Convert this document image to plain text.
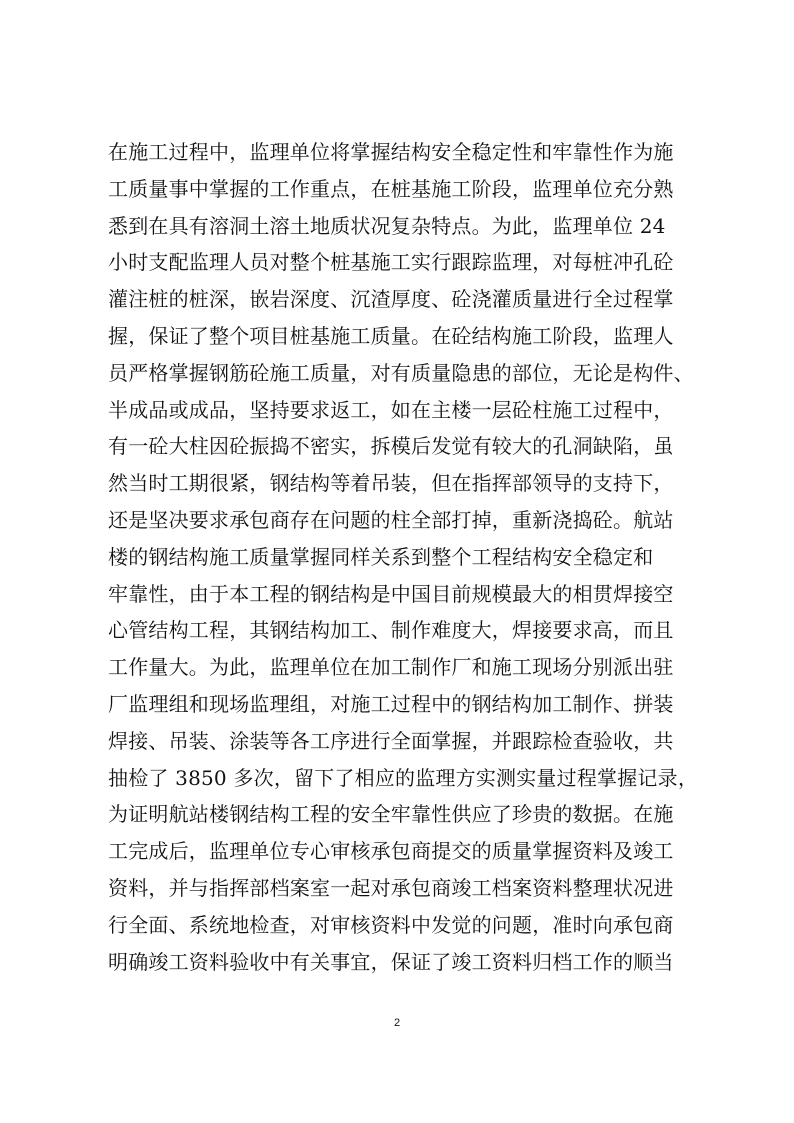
在施工过程中，监理单位将掌握结构安全稳定性和牢靠性作为施
工质量事中掌握的工作重点，在桩基施工阶段，监理单位充分熟
悉到在具有溶洞土溶土地质状况复杂特点。为此，监理单位 24
小时支配监理人员对整个桩基施工实行跟踪监理，对每桩冲孔砼
灌注桩的桩深，嵌岩深度、沉渣厚度、砼浇灌质量进行全过程掌
握，保证了整个项目桩基施工质量。在砼结构施工阶段，监理人
员严格掌握钢筋砼施工质量，对有质量隐患的部位，无论是构件、
半成品或成品，坚持要求返工，如在主楼一层砼柱施工过程中，
有一砼大柱因砼振捣不密实，拆模后发觉有较大的孔洞缺陷，虽
然当时工期很紧，钢结构等着吊装，但在指挥部领导的支持下，
还是坚决要求承包商存在问题的柱全部打掉，重新浇捣砼。航站
楼的钢结构施工质量掌握同样关系到整个工程结构安全稳定和
牢靠性，由于本工程的钢结构是中国目前规模最大的相贯焊接空
心管结构工程，其钢结构加工、制作难度大，焊接要求高，而且
工作量大。为此，监理单位在加工制作厂和施工现场分别派出驻
厂监理组和现场监理组，对施工过程中的钢结构加工制作、拼装
焊接、吊装、涂装等各工序进行全面掌握，并跟踪检查验收，共
抽检了 3850 多次，留下了相应的监理方实测实量过程掌握记录，
为证明航站楼钢结构工程的安全牢靠性供应了珍贵的数据。在施
工完成后，监理单位专心审核承包商提交的质量掌握资料及竣工
资料，并与指挥部档案室一起对承包商竣工档案资料整理状况进
行全面、系统地检查，对审核资料中发觉的问题，准时向承包商
明确竣工资料验收中有关事宜，保证了竣工资料归档工作的顺当
2
